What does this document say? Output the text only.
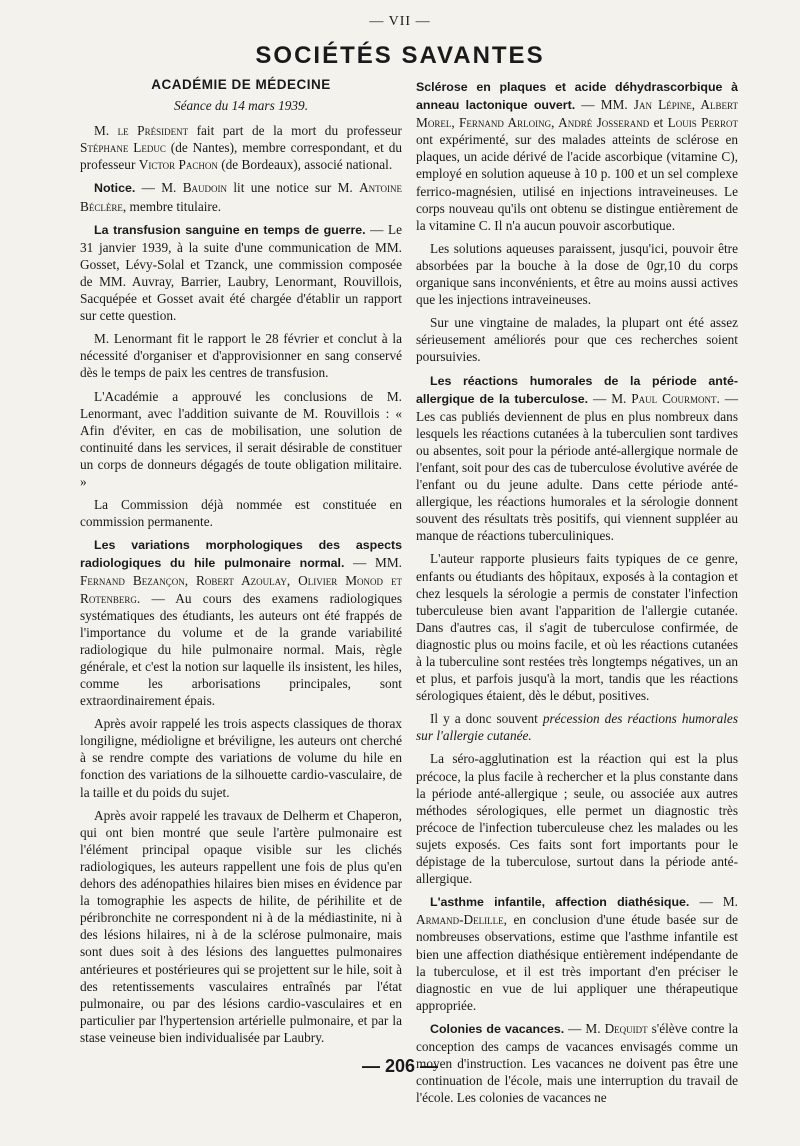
— VII —
SOCIÉTÉS SAVANTES
ACADÉMIE DE MÉDECINE
Séance du 14 mars 1939.

M. le Président fait part de la mort du professeur Stéphane Leduc (de Nantes), membre correspondant, et du professeur Victor Pachon (de Bordeaux), associé national.

Notice. — M. Baudoin lit une notice sur M. Antoine Béclère, membre titulaire.

La transfusion sanguine en temps de guerre. — Le 31 janvier 1939, à la suite d'une communication de MM. Gosset, Lévy-Solal et Tzanck, une commission composée de MM. Auvray, Barrier, Laubry, Lenormant, Rouvillois, Sacquépée et Gosset avait été chargée d'établir un rapport sur cette question.

M. Lenormant fit le rapport le 28 février et conclut à la nécessité d'organiser et d'approvisionner en sang conservé dès le temps de paix les centres de transfusion.

L'Académie a approuvé les conclusions de M. Lenormant, avec l'addition suivante de M. Rouvillois : « Afin d'éviter, en cas de mobilisation, une solution de continuité dans les services, il serait désirable de constituer un corps de donneurs dégagés de toute obligation militaire. »

La Commission déjà nommée est constituée en commission permanente.

Les variations morphologiques des aspects radiologiques du hile pulmonaire normal. — MM. Fernand Bezançon, Robert Azoulay, Olivier Monod et Rotenberg. — Au cours des examens radiologiques systématiques des étudiants, les auteurs ont été frappés de l'importance du volume et de la grande variabilité radiologique du hile pulmonaire normal. Mais, règle générale, et c'est la notion sur laquelle ils insistent, les hiles, comme les arborisations principales, sont extraordinairement épais.

Après avoir rappelé les trois aspects classiques de thorax longiligne, médioligne et bréviligne, les auteurs ont cherché à se rendre compte des variations de volume du hile en fonction des variations de la silhouette cardio-vasculaire, de la taille et du poids du sujet.

Après avoir rappelé les travaux de Delherm et Chaperon, qui ont bien montré que seule l'artère pulmonaire est l'élément principal opaque visible sur les clichés radiologiques, les auteurs rappellent une fois de plus qu'en dehors des adénopathies hilaires bien mises en évidence par la tomographie les aspects de hilite, de périhilite et de péribronchite ne correspondent ni à de la médiastinite, ni à des lésions hilaires, ni à de la sclérose pulmonaire, mais sont dues soit à des lésions des languettes pulmonaires antérieures et postérieures qui se projettent sur le hile, soit à des retentissements vasculaires entraînés par l'état pulmonaire, ou par des lésions cardio-vasculaires et en particulier par l'hypertension artérielle pulmonaire, et par la stase veineuse bien individualisée par Laubry.

Sclérose en plaques et acide déhydrascorbique à anneau lactonique ouvert. — MM. Jan Lépine, Albert Morel, Fernand Arloing, André Josserand et Louis Perrot ont expérimenté, sur des malades atteints de sclérose en plaques, un acide dérivé de l'acide ascorbique (vitamine C), employé en solution aqueuse à 10 p. 100 et un sel complexe ferrico-magnésien, utilisé en injections intraveineuses. Le corps nouveau qu'ils ont obtenu se distingue entièrement de la vitamine C. Il n'a aucun pouvoir ascorbutique.

Les solutions aqueuses paraissent, jusqu'ici, pouvoir être absorbées par la bouche à la dose de 0gr,10 du corps organique sans inconvénients, et être au moins aussi actives que les injections intraveineuses.

Sur une vingtaine de malades, la plupart ont été assez sérieusement améliorés pour que ces recherches soient poursuivies.

Les réactions humorales de la période anté-allergique de la tuberculose. — M. Paul Courmont. — Les cas publiés deviennent de plus en plus nombreux dans lesquels les réactions cutanées à la tuberculien sont tardives ou absentes, soit pour la période anté-allergique normale de l'enfant, soit pour des cas de tuberculose évolutive avérée de l'enfant ou du jeune adulte. Dans cette période anté-allergique, les réactions humorales et la sérologie donnent souvent des résultats très positifs, qui viennent suppléer au manque de réactions tuberculiniques.

L'auteur rapporte plusieurs faits typiques de ce genre, enfants ou étudiants des hôpitaux, exposés à la contagion et chez lesquels la sérologie a permis de constater l'infection tuberculeuse bien avant l'apparition de l'allergie cutanée. Dans d'autres cas, il s'agit de tuberculose confirmée, de diagnostic plus ou moins facile, et où les réactions cutanées à la tuberculine sont restées très longtemps négatives, un an et plus, et parfois jusqu'à la mort, tandis que les réactions sérologiques étaient, dès le début, positives.

Il y a donc souvent précession des réactions humorales sur l'allergie cutanée.

La séro-agglutination est la réaction qui est la plus précoce, la plus facile à rechercher et la plus constante dans la période anté-allergique ; seule, ou associée aux autres méthodes sérologiques, elle permet un diagnostic très précoce de l'infection tuberculeuse chez les malades ou les sujets exposés. Ces faits sont fort importants pour le dépistage de la tuberculose, surtout dans la période anté-allergique.

L'asthme infantile, affection diathésique. — M. Armand-Delille, en conclusion d'une étude basée sur de nombreuses observations, estime que l'asthme infantile est bien une affection diathésique entièrement indépendante de la tuberculose, et il est très important d'en préciser le diagnostic en vue de lui appliquer une thérapeutique appropriée.

Colonies de vacances. — M. Dequidt s'élève contre la conception des camps de vacances envisagés comme un moyen d'instruction. Les vacances ne doivent pas être une continuation de l'école, mais une interruption du travail de l'école. Les colonies de vacances ne

— 206 —
